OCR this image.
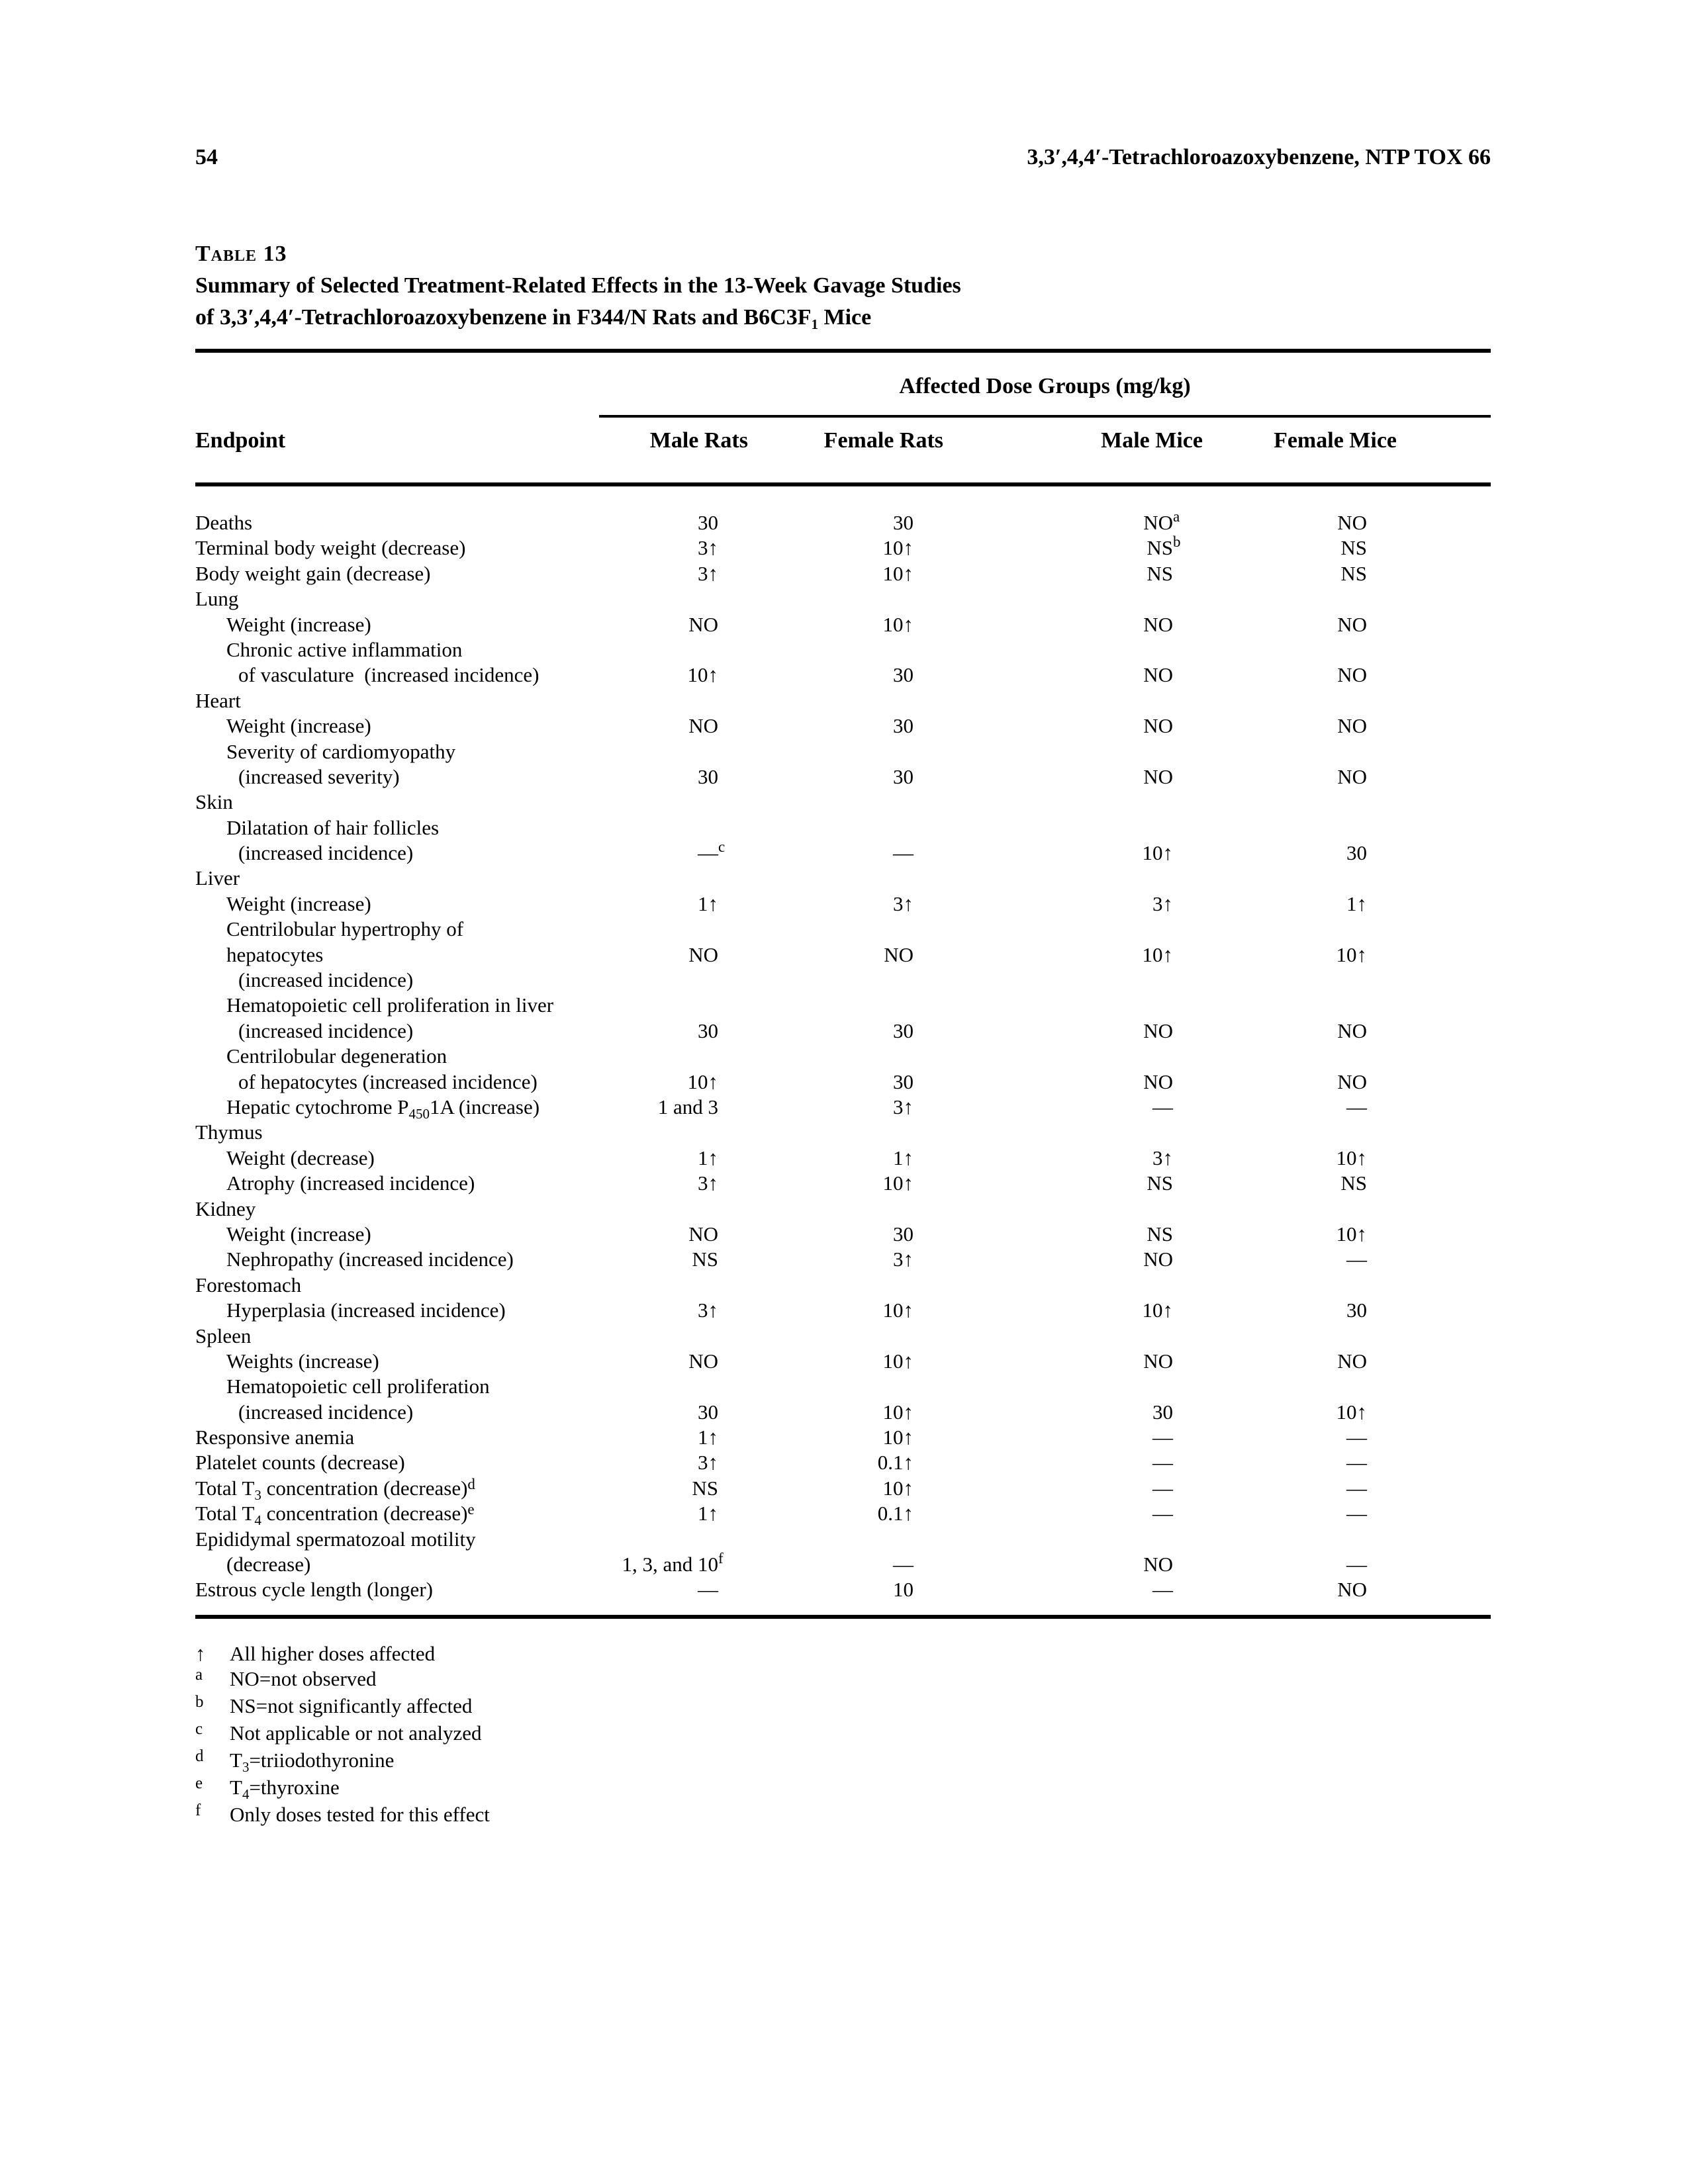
54	3,3′,4,4′-Tetrachloroazoxybenzene, NTP TOX 66
Table 13
Summary of Selected Treatment-Related Effects in the 13-Week Gavage Studies
of 3,3′,4,4′-Tetrachloroazoxybenzene in F344/N Rats and $B6C3F_1$ Mice
Affected Dose Groups (mg/kg)
Endpoint	Male Rats	Female Rats	Male Mice	Female Mice
Deaths	30	30	NO a	NO
Terminal body weight (decrease)	3↑	10↑	NS b	NS
Body weight gain (decrease)	3↑	10↑	NS	NS
Lung
Weight (increase)	NO	10↑	NO	NO
Chronic active inflammation
of vasculature  (increased incidence)	10↑	30	NO	NO
Heart
Weight (increase)	NO	30	NO	NO
Severity of cardiomyopathy
(increased severity)	30	30	NO	NO
Skin
Dilatation of hair follicles
(increased incidence)	— c	—	10↑	30
Liver
Weight (increase)	1↑	3↑	3↑	1↑
Centrilobular hypertrophy of
hepatocytes	NO	NO	10↑	10↑
(increased incidence)
Hematopoietic cell proliferation in liver
(increased incidence)	30	30	NO	NO
Centrilobular degeneration
of hepatocytes (increased incidence)	10↑	30	NO	NO
Hepatic cytochrome $P_{450}1A$ (increase)	1 and 3	3↑	—	—
Thymus
Weight (decrease)	1↑	1↑	3↑	10↑
Atrophy (increased incidence)	3↑	10↑	NS	NS
Kidney
Weight (increase)	NO	30	NS	10↑
Nephropathy (increased incidence)	NS	3↑	NO	—
Forestomach
Hyperplasia (increased incidence)	3↑	10↑	10↑	30
Spleen
Weights (increase)	NO	10↑	NO	NO
Hematopoietic cell proliferation
(increased incidence)	30	10↑	30	10↑
Responsive anemia	1↑	10↑	—	—
Platelet counts (decrease)	3↑	0.1↑	—	—
Total $T_3$ concentration (decrease)$^d$	NS	10↑	—	—
Total $T_4$ concentration (decrease)$^e$	1↑	0.1↑	—	—
Epididymal spermatozoal motility
(decrease)	1, 3, and 10 f	—	NO	—
Estrous cycle length (longer)	—	10	—	NO
↑	All higher doses affected
a	NO=not observed
b	NS=not significantly affected
c	Not applicable or not analyzed
d	$T_3=triiodothyronine$
e	$T_4=thyroxine$
f	Only doses tested for this effect
